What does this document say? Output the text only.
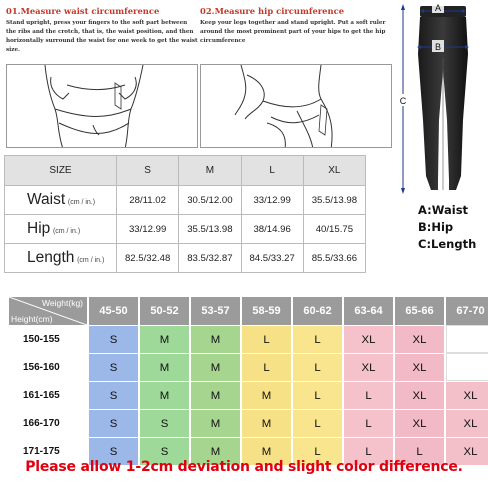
01.Measure waist circumference

Stand upright, press your fingers to the soft part between the ribs and the crotch, that is, the waist position, and then horizontally surround the waist for one week to get the waist size.

02.Measure hip circumference

Keep your legs together and stand upright. Put a soft ruler around the most prominent part of your hips to get the hip circumference

A
B
C
A:Waist
B:Hip
C:Length
SIZE	S	M	L	XL
Waist (cm / in.)	28/11.02	30.5/12.00	33/12.99	35.5/13.98
Hip (cm / in.)	33/12.99	35.5/13.98	38/14.96	40/15.75
Length (cm / in.)	82.5/32.48	83.5/32.87	84.5/33.27	85.5/33.66
Weight(kg)
Height(cm)
45-50	50-52	53-57	58-59	60-62	63-64	65-66	67-70
150-155	S	M	M	L	L	XL	XL
156-160	S	M	M	L	L	XL	XL
161-165	S	M	M	M	L	L	XL	XL
166-170	S	S	M	M	L	L	XL	XL
171-175	S	S	M	M	L	L	L	XL
Please allow 1-2cm deviation and slight color difference.
